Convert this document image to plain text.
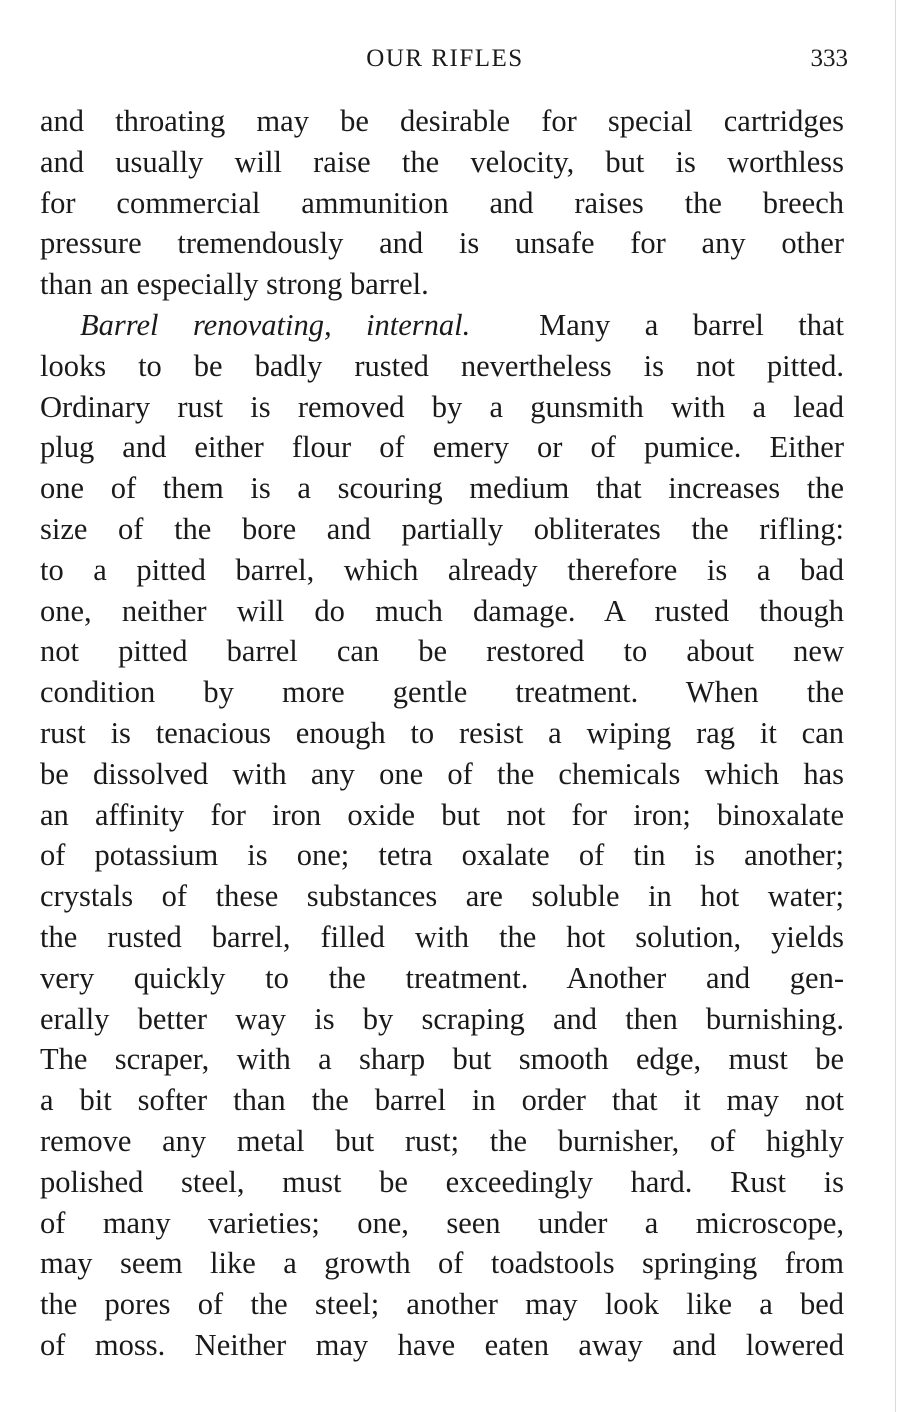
OUR RIFLES	333
and throating may be desirable for special cartridges
and usually will raise the velocity, but is worthless
for commercial ammunition and raises the breech
pressure tremendously and is unsafe for any other
than an especially strong barrel.
Barrel renovating, internal. Many a barrel that
looks to be badly rusted nevertheless is not pitted.
Ordinary rust is removed by a gunsmith with a lead
plug and either flour of emery or of pumice. Either
one of them is a scouring medium that increases the
size of the bore and partially obliterates the rifling:
to a pitted barrel, which already therefore is a bad
one, neither will do much damage. A rusted though
not pitted barrel can be restored to about new
condition by more gentle treatment. When the
rust is tenacious enough to resist a wiping rag it can
be dissolved with any one of the chemicals which has
an affinity for iron oxide but not for iron; binoxalate
of potassium is one; tetra oxalate of tin is another;
crystals of these substances are soluble in hot water;
the rusted barrel, filled with the hot solution, yields
very quickly to the treatment. Another and gen-
erally better way is by scraping and then burnishing.
The scraper, with a sharp but smooth edge, must be
a bit softer than the barrel in order that it may not
remove any metal but rust; the burnisher, of highly
polished steel, must be exceedingly hard. Rust is
of many varieties; one, seen under a microscope,
may seem like a growth of toadstools springing from
the pores of the steel; another may look like a bed
of moss. Neither may have eaten away and lowered
